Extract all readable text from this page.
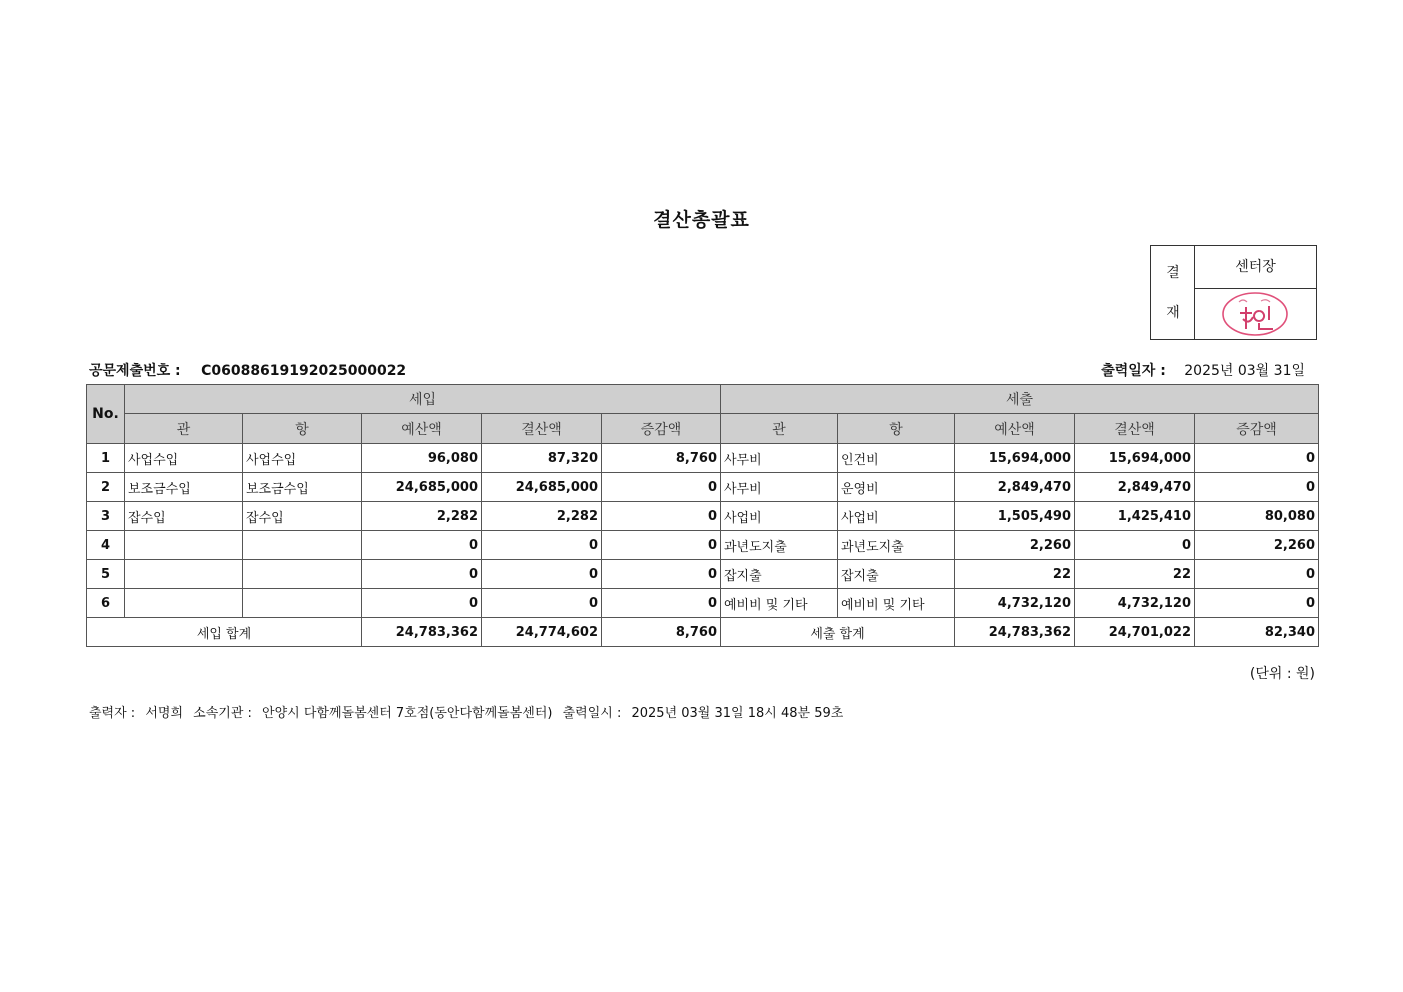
결산총괄표
결
재
센터장
공문제출번호 : C06088619192025000022	출력일자 : 2025년 03월 31일
No.	세입					세출				
	관	항	예산액	결산액	증감액	관	항	예산액	결산액	증감액
1	사업수입	사업수입	96,080	87,320	8,760	사무비	인건비	15,694,000	15,694,000	0
2	보조금수입	보조금수입	24,685,000	24,685,000	0	사무비	운영비	2,849,470	2,849,470	0
3	잡수입	잡수입	2,282	2,282	0	사업비	사업비	1,505,490	1,425,410	80,080
4			0	0	0	과년도지출	과년도지출	2,260	0	2,260
5			0	0	0	잡지출	잡지출	22	22	0
6			0	0	0	예비비 및 기타	예비비 및 기타	4,732,120	4,732,120	0
세입 합계			24,783,362	24,774,602	8,760	세출 합계		24,783,362	24,701,022	82,340
(단위 : 원)
출력자 : 서명희 소속기관 : 안양시 다함께돌봄센터 7호점(동안다함께돌봄센터) 출력일시 : 2025년 03월 31일 18시 48분 59초
